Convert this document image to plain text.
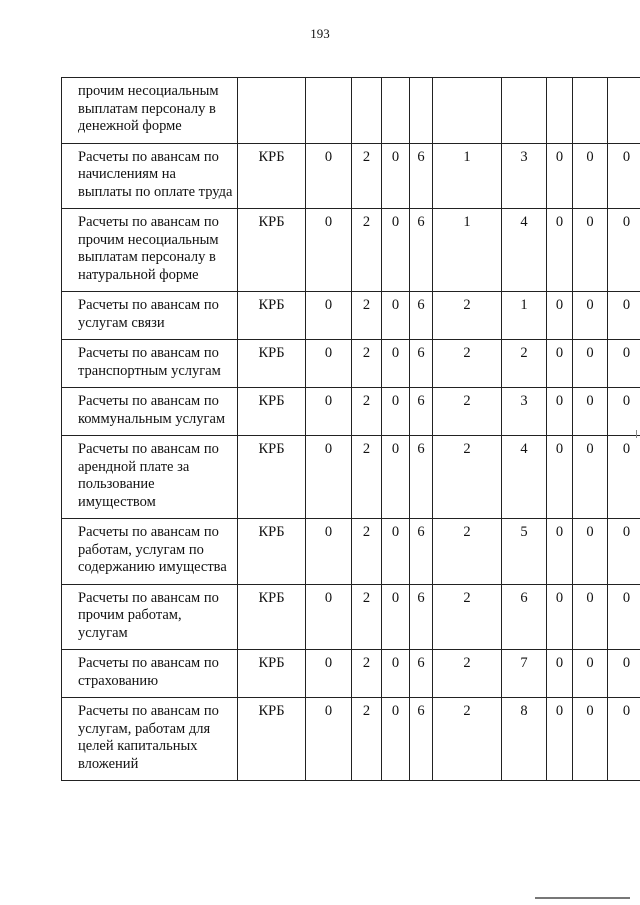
193
прочим несоциальным выплатам персоналу в денежной форме										
Расчеты по авансам по начислениям на выплаты по оплате труда	КРБ	0	2	0	6	1	3	0	0	0
Расчеты по авансам по прочим несоциальным выплатам персоналу в натуральной форме	КРБ	0	2	0	6	1	4	0	0	0
Расчеты по авансам по услугам связи	КРБ	0	2	0	6	2	1	0	0	0
Расчеты по авансам по транспортным услугам	КРБ	0	2	0	6	2	2	0	0	0
Расчеты по авансам по коммунальным услугам	КРБ	0	2	0	6	2	3	0	0	0
Расчеты по авансам по арендной плате за пользование имуществом	КРБ	0	2	0	6	2	4	0	0	0
Расчеты по авансам по работам, услугам по содержанию имущества	КРБ	0	2	0	6	2	5	0	0	0
Расчеты по авансам по прочим работам, услугам	КРБ	0	2	0	6	2	6	0	0	0
Расчеты по авансам по страхованию	КРБ	0	2	0	6	2	7	0	0	0
Расчеты по авансам по услугам, работам для целей капитальных вложений	КРБ	0	2	0	6	2	8	0	0	0
